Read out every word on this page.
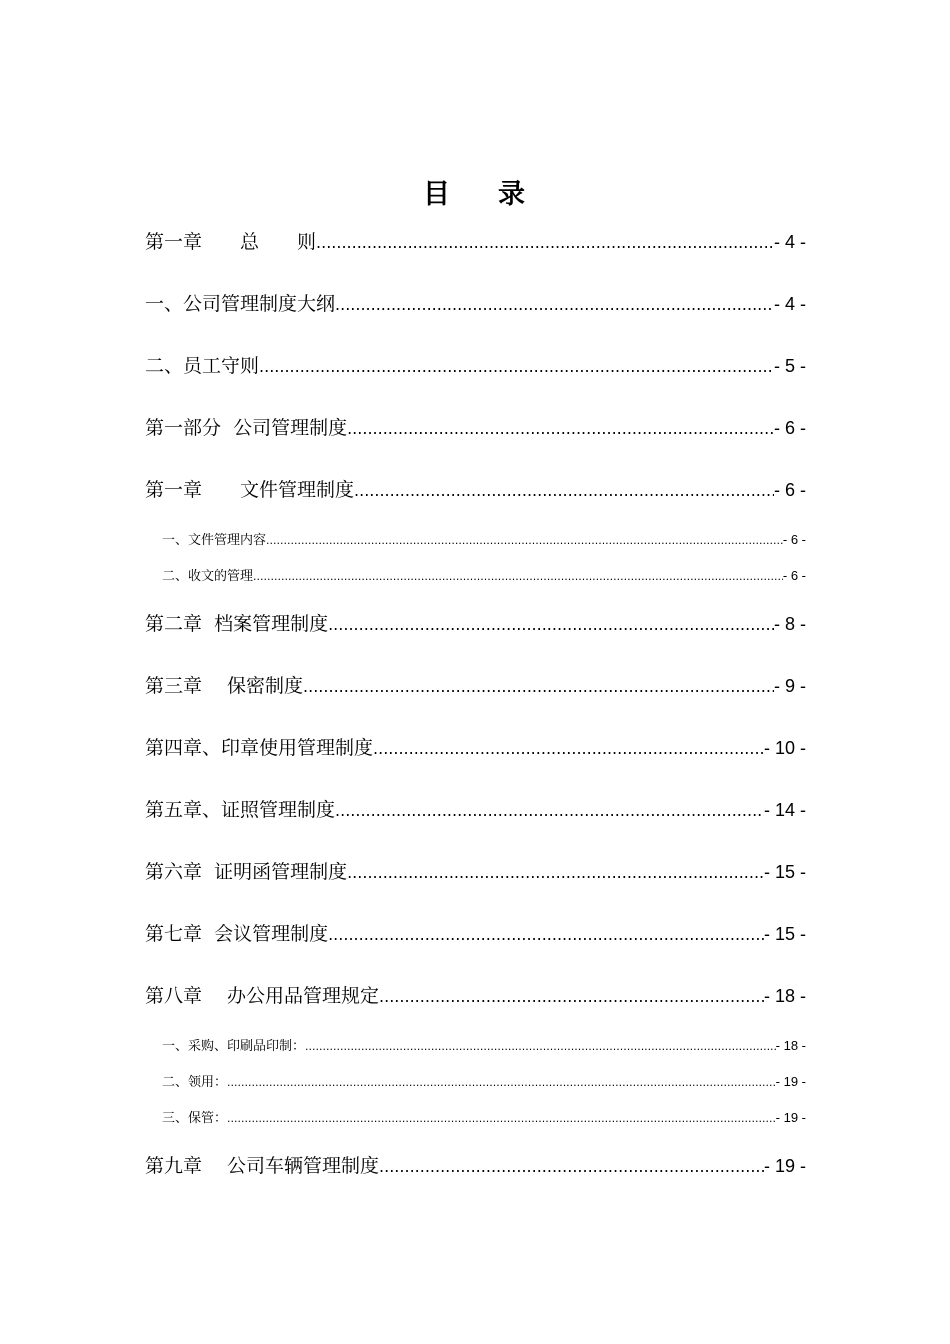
目 录
第一章　　总　　则 .....	- 4 -
一、公司管理制度大纲 .....	- 4 -
二、员工守则 .....	- 5 -
第一部分  公司管理制度 .....	- 6 -
第一章　　文件管理制度 .....	- 6 -
一、文件管理内容 .....	- 6 -
二、收文的管理 .....	- 6 -
第二章  档案管理制度 .....	- 8 -
第三章　 保密制度 .....	- 9 -
第四章、印章使用管理制度 .....	- 10 -
第五章、证照管理制度 .....	- 14 -
第六章  证明函管理制度 .....	- 15 -
第七章  会议管理制度 .....	- 15 -
第八章　 办公用品管理规定 .....	- 18 -
一、采购、印刷品印制： .....	- 18 -
二、领用： .....	- 19 -
三、保管： .....	- 19 -
第九章　 公司车辆管理制度 .....	- 19 -
